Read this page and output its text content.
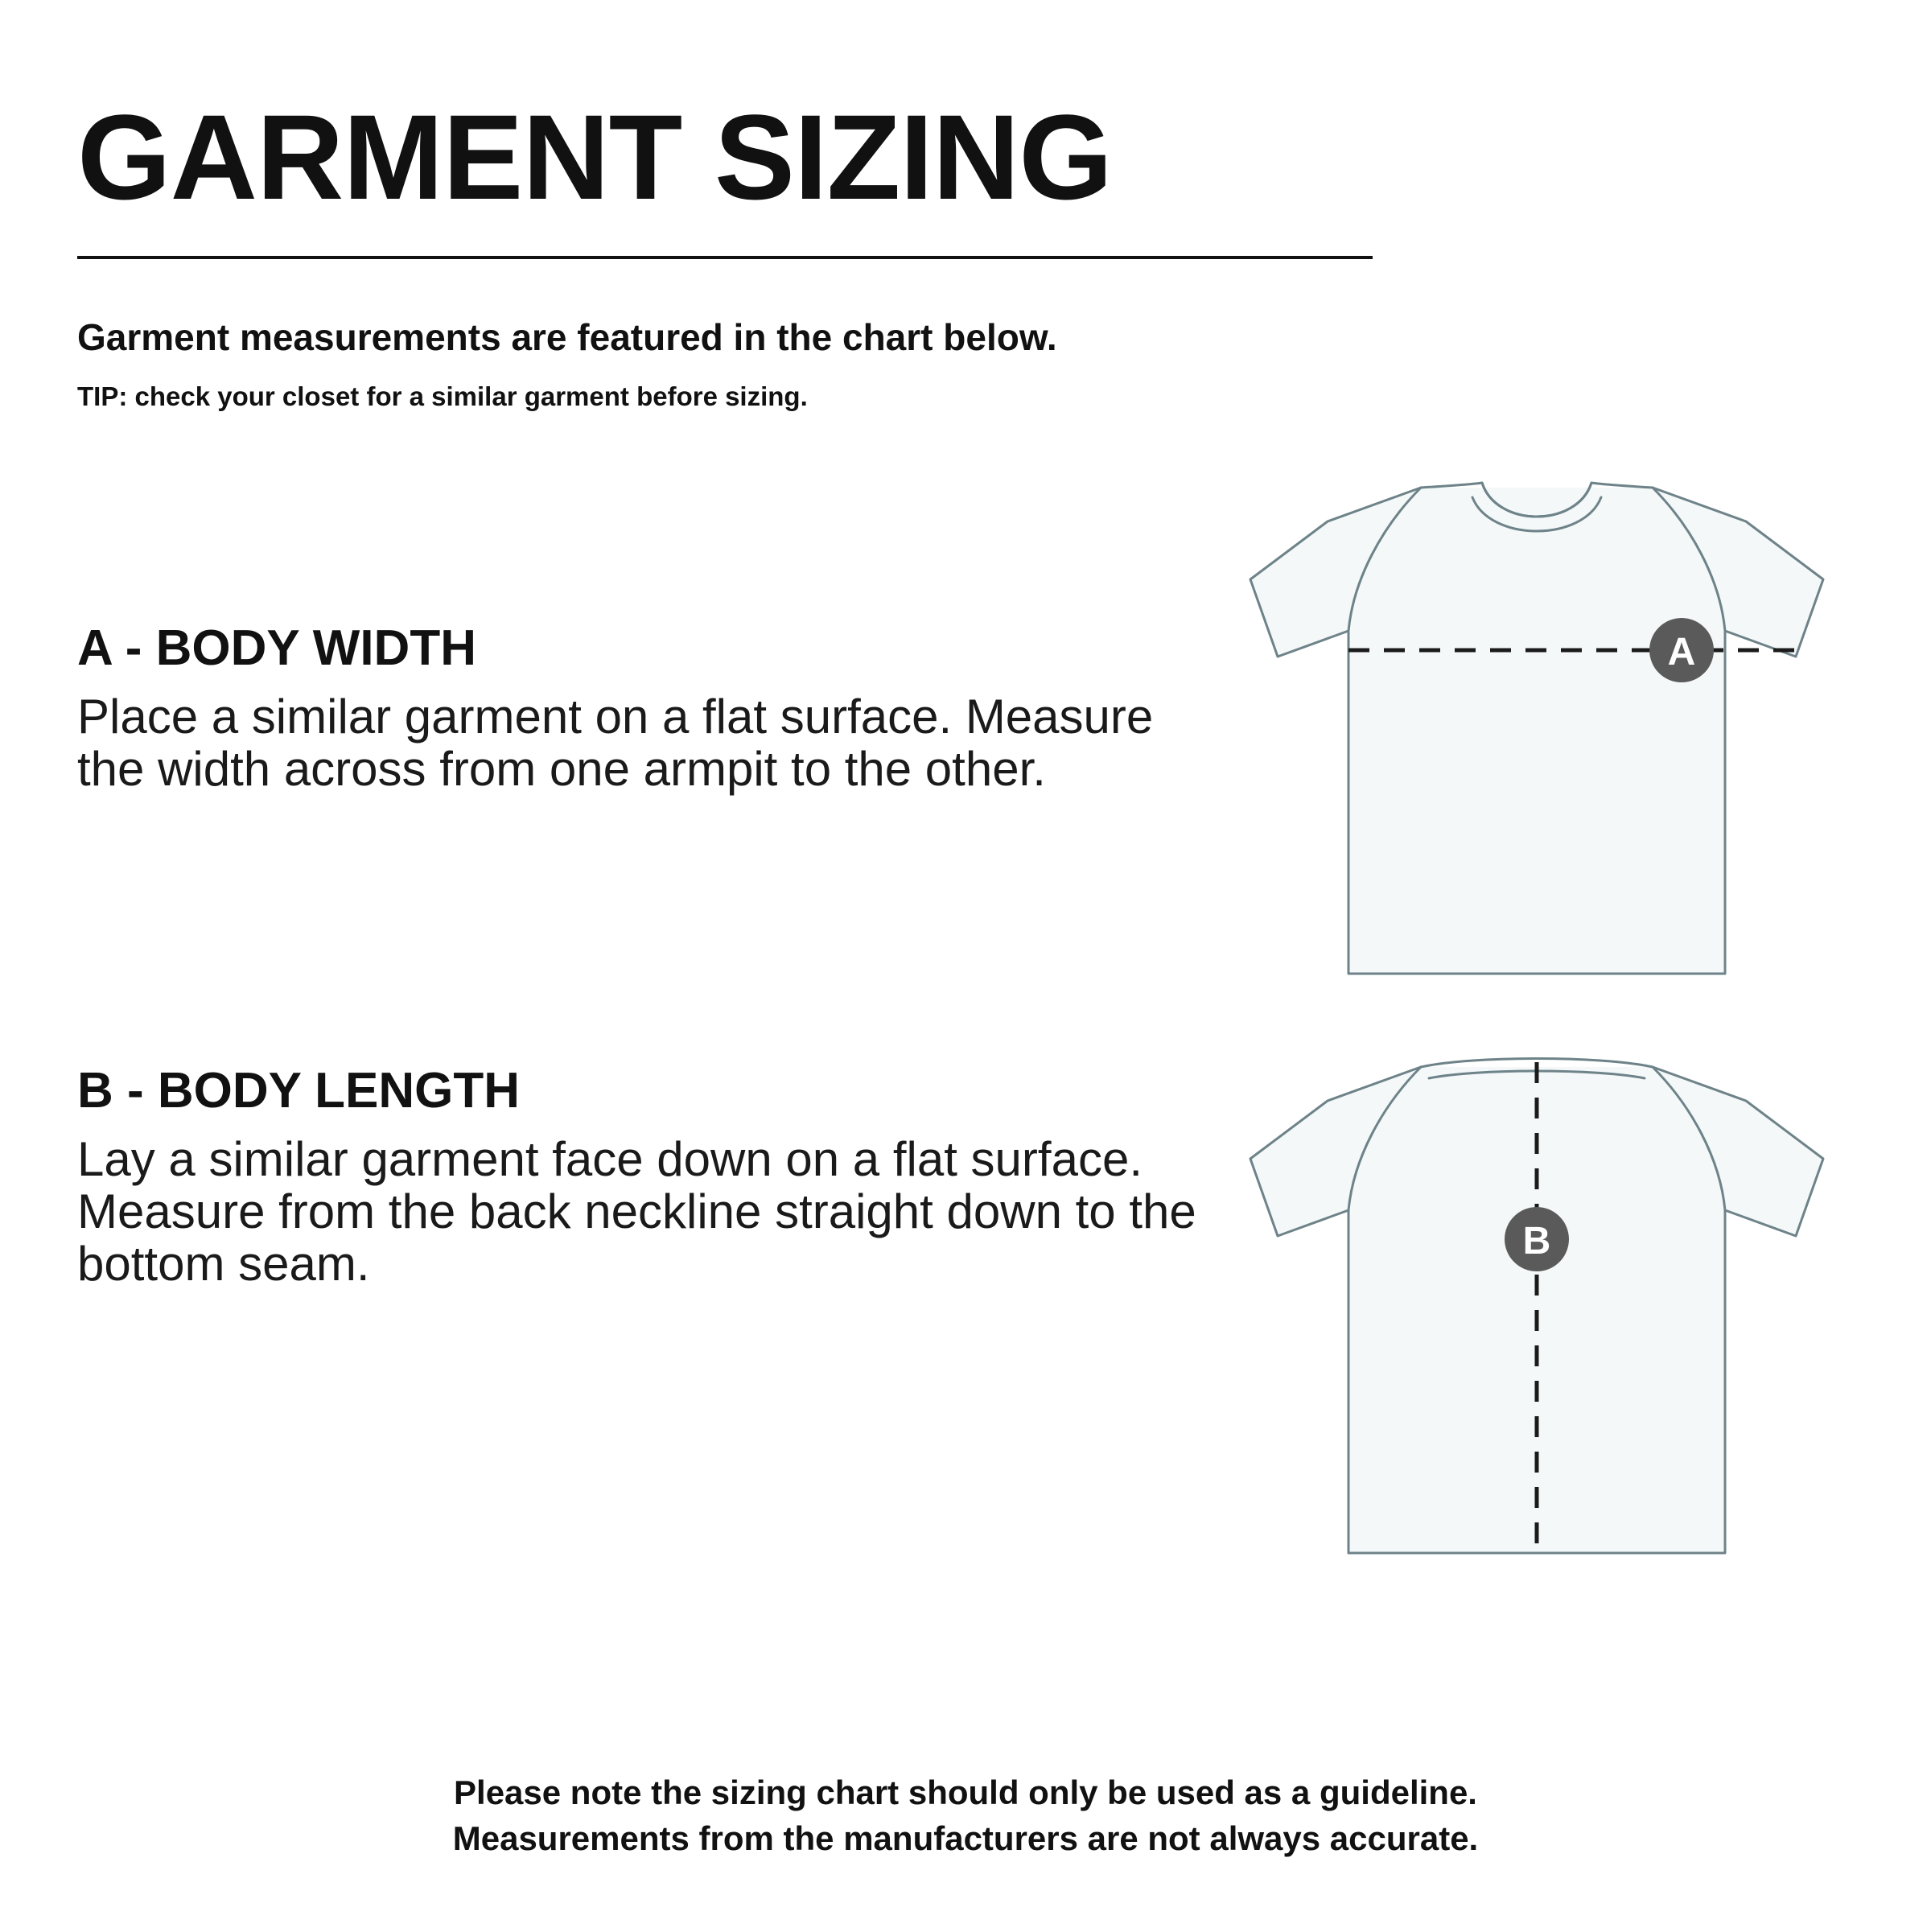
GARMENT SIZING
Garment measurements are featured in the chart below.
TIP: check your closet for a similar garment before sizing.
A - BODY WIDTH

Place a similar garment on a flat surface. Measure the width across from one armpit to the other.

B - BODY LENGTH

Lay a similar garment face down on a flat surface. Measure from the back neckline straight down to the bottom seam.

A
B
Please note the sizing chart should only be used as a guideline.
Measurements from the manufacturers are not always accurate.
